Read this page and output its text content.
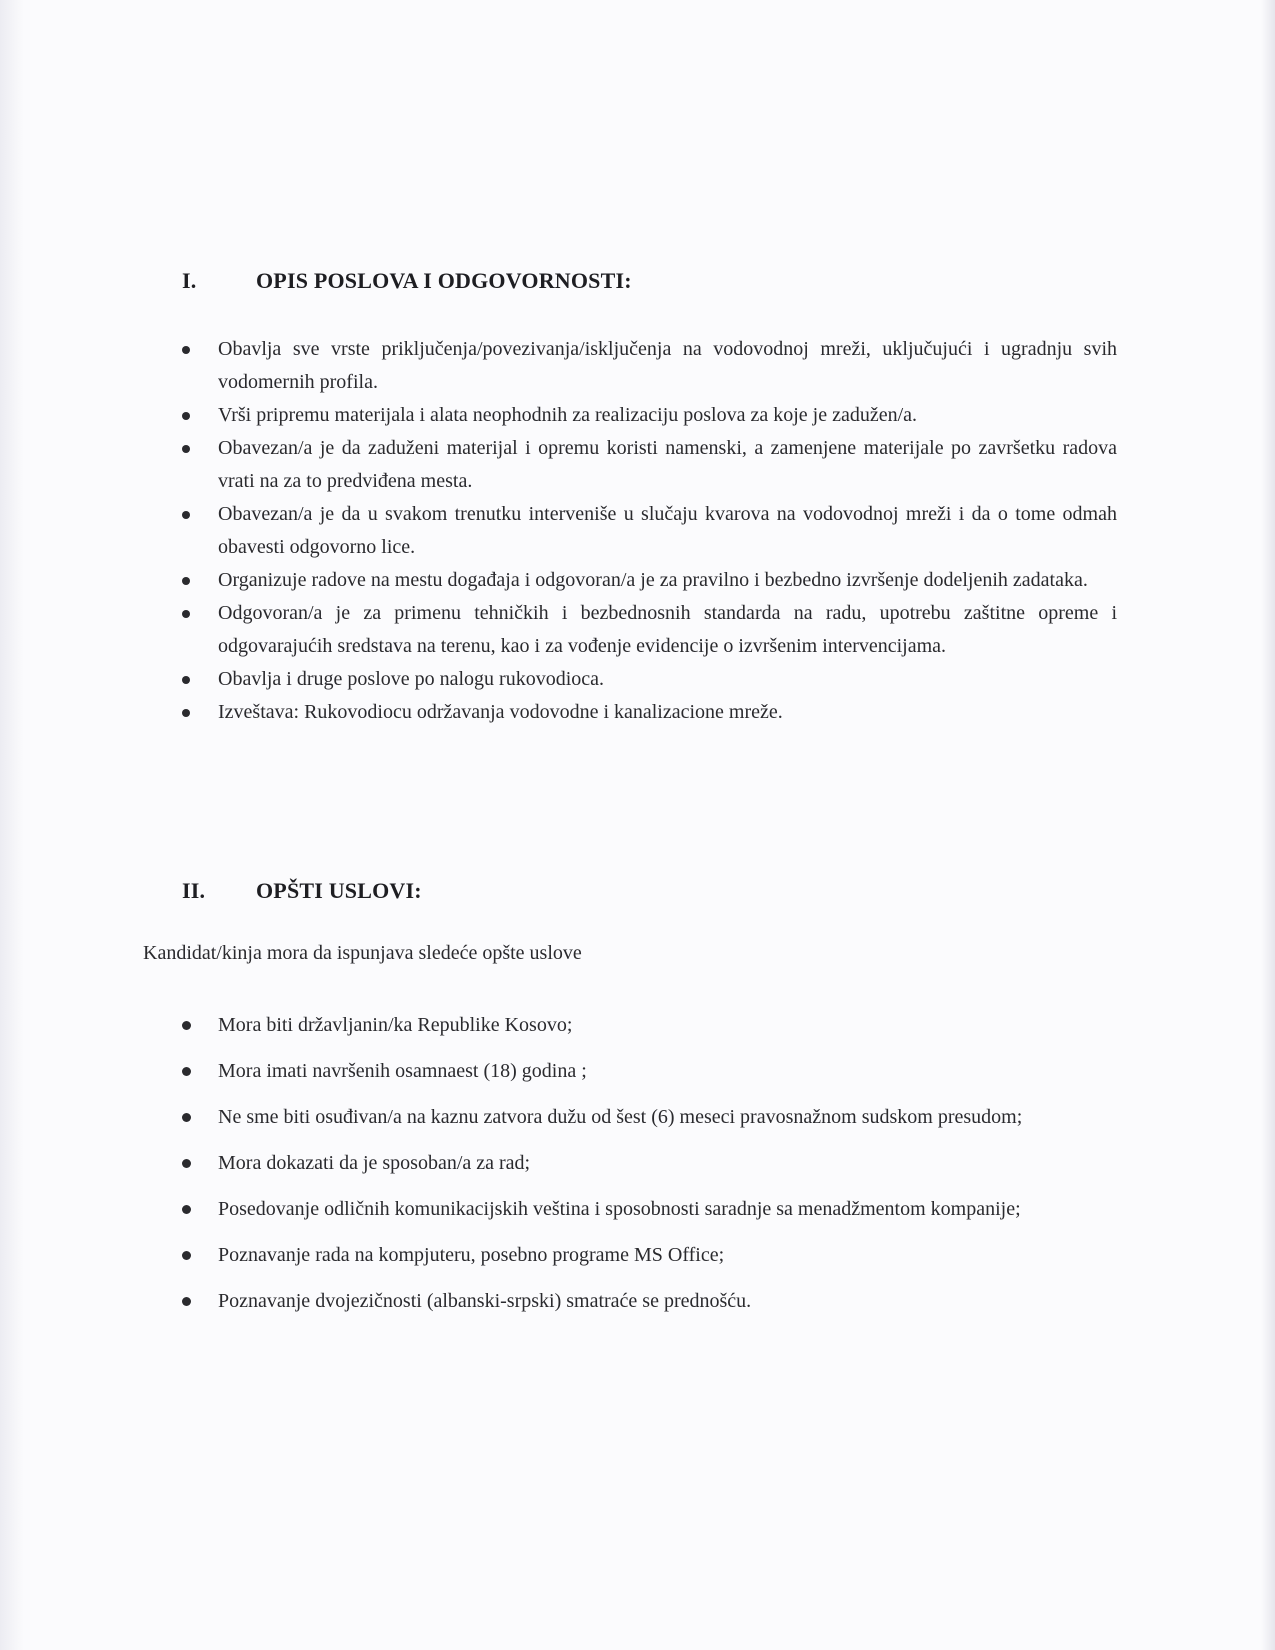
I.	OPIS POSLOVA I ODGOVORNOSTI:
Obavlja sve vrste priključenja/povezivanja/isključenja na vodovodnoj mreži, uključujući i ugradnju svih vodomernih profila.
Vrši pripremu materijala i alata neophodnih za realizaciju poslova za koje je zadužen/a.
Obavezan/a je da zaduženi materijal i opremu koristi namenski, a zamenjene materijale po završetku radova vrati na za to predviđena mesta.
Obavezan/a je da u svakom trenutku interveniše u slučaju kvarova na vodovodnoj mreži i da o tome odmah obavesti odgovorno lice.
Organizuje radove na mestu događaja i odgovoran/a je za pravilno i bezbedno izvršenje dodeljenih zadataka.
Odgovoran/a je za primenu tehničkih i bezbednosnih standarda na radu, upotrebu zaštitne opreme i odgovarajućih sredstava na terenu, kao i za vođenje evidencije o izvršenim intervencijama.
Obavlja i druge poslove po nalogu rukovodioca.
Izveštava: Rukovodiocu održavanja vodovodne i kanalizacione mreže.
II. OPŠTI USLOVI:

Kandidat/kinja mora da ispunjava sledeće opšte uslove

Mora biti državljanin/ka Republike Kosovo;
Mora imati navršenih osamnaest (18) godina ;
Ne sme biti osuđivan/a na kaznu zatvora dužu od šest (6) meseci pravosnažnom sudskom presudom;
Mora dokazati da je sposoban/a za rad;
Posedovanje odličnih komunikacijskih veština i sposobnosti saradnje sa menadžmentom kompanije;
Poznavanje rada na kompjuteru, posebno programe MS Office;
Poznavanje dvojezičnosti (albanski-srpski) smatraće se prednošću.
